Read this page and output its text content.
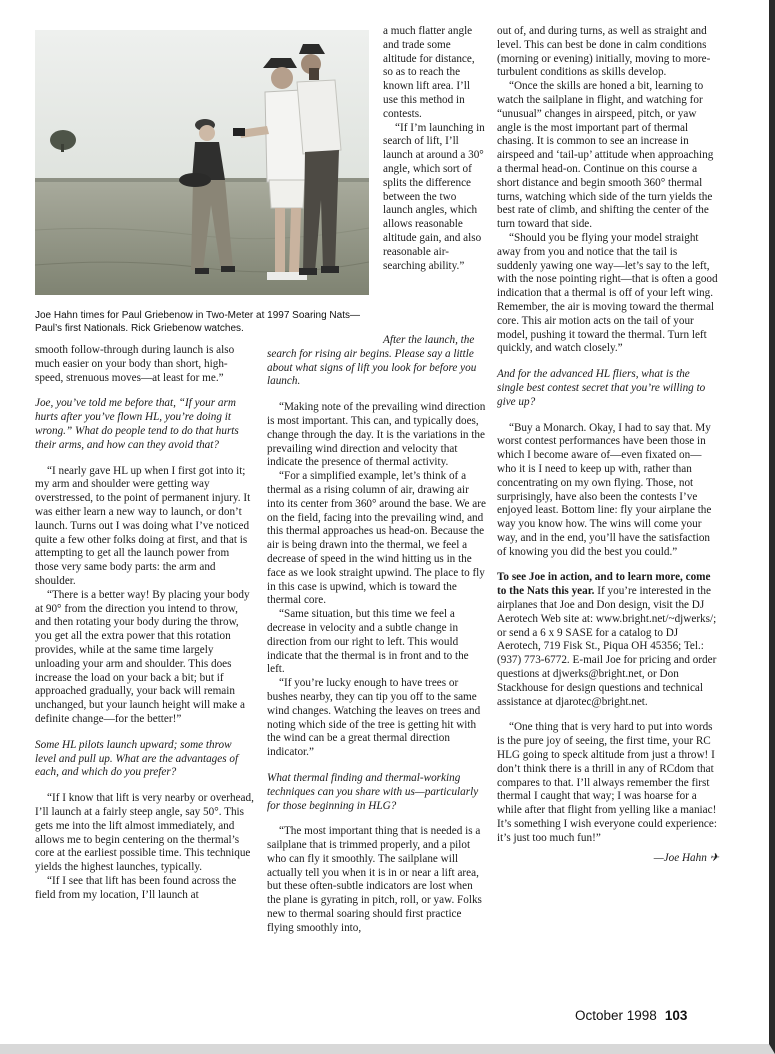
Joe Hahn times for Paul Griebenow in Two-Meter at 1997 Soaring Nats—Paul’s first Nationals. Rick Griebenow watches.

a much flatter angle and trade some altitude for distance, so as to reach the known lift area. I’ll use this method in contests.

“If I’m launching in search of lift, I’ll launch at around a 30° angle, which sort of splits the difference between the two launch angles, which allows reasonable altitude gain, and also reasonable air-searching ability.”

smooth follow-through during launch is also much easier on your body than short, high-speed, strenuous moves—at least for me.”

Joe, you’ve told me before that, “If your arm hurts after you’ve flown HL, you’re doing it wrong.” What do people tend to do that hurts their arms, and how can they avoid that?

“I nearly gave HL up when I first got into it; my arm and shoulder were getting way overstressed, to the point of permanent injury. It was either learn a new way to launch, or don’t launch. Turns out I was doing what I’ve noticed quite a few other folks doing at first, and that is attempting to get all the launch power from those very same body parts: the arm and shoulder.

“There is a better way! By placing your body at 90° from the direction you intend to throw, and then rotating your body during the throw, you get all the extra power that this rotation provides, while at the same time largely unloading your arm and shoulder. This does increase the load on your back a bit; but if approached gradually, your back will remain unchanged, but your launch height will make a definite change—for the better!”

Some HL pilots launch upward; some throw level and pull up. What are the advantages of each, and which do you prefer?

“If I know that lift is very nearby or overhead, I’ll launch at a fairly steep angle, say 50°. This gets me into the lift almost immediately, and allows me to begin centering on the thermal’s core at the earliest possible time. This technique yields the highest launches, typically.

“If I see that lift has been found across the field from my location, I’ll launch at

After the launch, the search for rising air begins. Please say a little about what signs of lift you look for before you launch.

“Making note of the prevailing wind direction is most important. This can, and typically does, change through the day. It is the variations in the prevailing wind direction and velocity that indicate the presence of thermal activity.

“For a simplified example, let’s think of a thermal as a rising column of air, drawing air into its center from 360° around the base. We are on the field, facing into the prevailing wind, and this thermal approaches us head-on. Because the air is being drawn into the thermal, we feel a decrease of speed in the wind hitting us in the face as we look straight upwind. The place to fly in this case is upwind, which is toward the thermal core.

“Same situation, but this time we feel a decrease in velocity and a subtle change in direction from our right to left. This would indicate that the thermal is in front and to the left.

“If you’re lucky enough to have trees or bushes nearby, they can tip you off to the same wind changes. Watching the leaves on trees and noting which side of the tree is getting hit with the wind can be a great thermal direction indicator.”

What thermal finding and thermal-working techniques can you share with us—particularly for those beginning in HLG?

“The most important thing that is needed is a sailplane that is trimmed properly, and a pilot who can fly it smoothly. The sailplane will actually tell you when it is in or near a lift area, but these often-subtle indicators are lost when the plane is gyrating in pitch, roll, or yaw. Folks new to thermal soaring should first practice flying smoothly into,

out of, and during turns, as well as straight and level. This can best be done in calm conditions (morning or evening) initially, moving to more-turbulent conditions as skills develop.

“Once the skills are honed a bit, learning to watch the sailplane in flight, and watching for “unusual” changes in airspeed, pitch, or yaw angle is the most important part of thermal chasing. It is common to see an increase in airspeed and ‘tail-up’ attitude when approaching a thermal head-on. Continue on this course a short distance and begin smooth 360° thermal turns, watching which side of the turn yields the best rate of climb, and shifting the center of the turn toward that side.

“Should you be flying your model straight away from you and notice that the tail is suddenly yawing one way—let’s say to the left, with the nose pointing right—that is often a good indication that a thermal is off of your left wing. Remember, the air is moving toward the thermal core. This air motion acts on the tail of your model, pushing it toward the thermal. Turn left quickly, and watch closely.”

And for the advanced HL fliers, what is the single best contest secret that you’re willing to give up?

“Buy a Monarch. Okay, I had to say that. My worst contest performances have been those in which I become aware of—even fixated on—who it is I need to keep up with, rather than concentrating on my own flying. Those, not surprisingly, have also been the contests I’ve enjoyed least. Bottom line: fly your airplane the way you know how. The wins will come your way, and in the end, you’ll have the satisfaction of knowing you did the best you could.”

To see Joe in action, and to learn more, come to the Nats this year. If you’re interested in the airplanes that Joe and Don design, visit the DJ Aerotech Web site at: www.bright.net/~djwerks/; or send a 6 x 9 SASE for a catalog to DJ Aerotech, 719 Fisk St., Piqua OH 45356; Tel.: (937) 773-6772. E-mail Joe for pricing and order questions at djwerks@bright.net, or Don Stackhouse for design questions and technical assistance at djarotec@bright.net.

“One thing that is very hard to put into words is the pure joy of seeing, the first time, your RC HLG going to speck altitude from just a throw! I don’t think there is a thrill in any of RCdom that compares to that. I’ll always remember the first thermal I caught that way; I was hoarse for a while after that flight from yelling like a maniac! It’s something I wish everyone could experience: it’s just too much fun!”

—Joe Hahn ✈

October 1998 103
